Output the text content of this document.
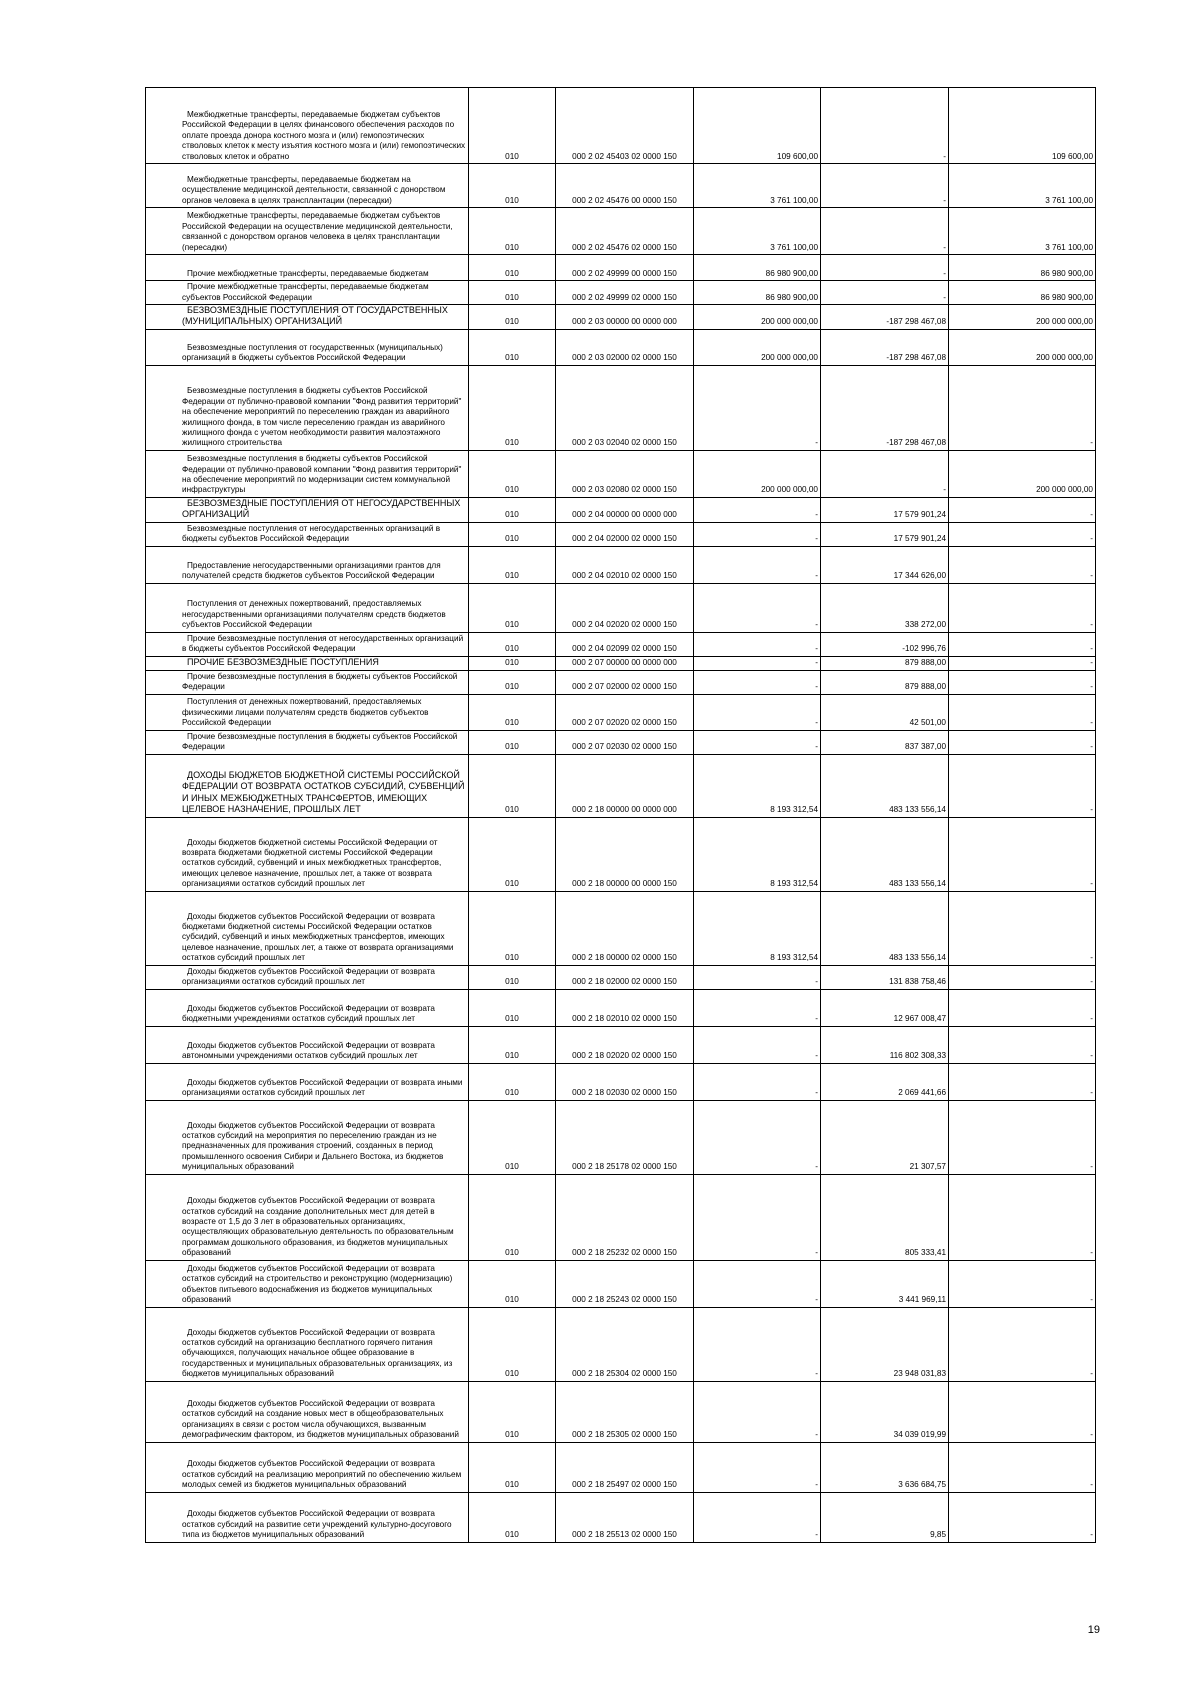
Межбюджетные трансферты, передаваемые бюджетам субъектов Российской Федерации в целях финансового обеспечения расходов по оплате проезда донора костного мозга и (или) гемопоэтических стволовых клеток к месту изъятия костного мозга и (или) гемопоэтических стволовых клеток и обратно	010	000 2 02 45403 02 0000 150	109 600,00	-	109 600,00

Межбюджетные трансферты, передаваемые бюджетам на осуществление медицинской деятельности, связанной с донорством органов человека в целях трансплантации (пересадки)	010	000 2 02 45476 00 0000 150	3 761 100,00	-	3 761 100,00

Межбюджетные трансферты, передаваемые бюджетам субъектов Российской Федерации на осуществление медицинской деятельности, связанной с донорством органов человека в целях трансплантации (пересадки)	010	000 2 02 45476 02 0000 150	3 761 100,00	-	3 761 100,00

Прочие межбюджетные трансферты, передаваемые бюджетам	010	000 2 02 49999 00 0000 150	86 980 900,00	-	86 980 900,00

Прочие межбюджетные трансферты, передаваемые бюджетам субъектов Российской Федерации	010	000 2 02 49999 02 0000 150	86 980 900,00	-	86 980 900,00

БЕЗВОЗМЕЗДНЫЕ ПОСТУПЛЕНИЯ ОТ ГОСУДАРСТВЕННЫХ (МУНИЦИПАЛЬНЫХ) ОРГАНИЗАЦИЙ	010	000 2 03 00000 00 0000 000	200 000 000,00	-187 298 467,08	200 000 000,00

Безвозмездные поступления от государственных (муниципальных) организаций в бюджеты субъектов Российской Федерации	010	000 2 03 02000 02 0000 150	200 000 000,00	-187 298 467,08	200 000 000,00

Безвозмездные поступления в бюджеты субъектов Российской Федерации от публично-правовой компании "Фонд развития территорий" на обеспечение мероприятий по переселению граждан из аварийного жилищного фонда, в том числе переселению граждан из аварийного жилищного фонда с учетом необходимости развития малоэтажного жилищного строительства	010	000 2 03 02040 02 0000 150	-	-187 298 467,08	-

Безвозмездные поступления в бюджеты субъектов Российской Федерации от публично-правовой компании "Фонд развития территорий" на обеспечение мероприятий по модернизации систем коммунальной инфраструктуры	010	000 2 03 02080 02 0000 150	200 000 000,00	-	200 000 000,00

БЕЗВОЗМЕЗДНЫЕ ПОСТУПЛЕНИЯ ОТ НЕГОСУДАРСТВЕННЫХ ОРГАНИЗАЦИЙ	010	000 2 04 00000 00 0000 000	-	17 579 901,24	-

Безвозмездные поступления от негосударственных организаций в бюджеты субъектов Российской Федерации	010	000 2 04 02000 02 0000 150	-	17 579 901,24	-

Предоставление негосударственными организациями грантов для получателей средств бюджетов субъектов Российской Федерации	010	000 2 04 02010 02 0000 150	-	17 344 626,00	-

Поступления от денежных пожертвований, предоставляемых негосударственными организациями получателям средств бюджетов субъектов Российской Федерации	010	000 2 04 02020 02 0000 150	-	338 272,00	-

Прочие безвозмездные поступления от негосударственных организаций в бюджеты субъектов Российской Федерации	010	000 2 04 02099 02 0000 150	-	-102 996,76	-

ПРОЧИЕ БЕЗВОЗМЕЗДНЫЕ ПОСТУПЛЕНИЯ	010	000 2 07 00000 00 0000 000	-	879 888,00	-

Прочие безвозмездные поступления в бюджеты субъектов Российской Федерации	010	000 2 07 02000 02 0000 150	-	879 888,00	-

Поступления от денежных пожертвований, предоставляемых физическими лицами получателям средств бюджетов субъектов Российской Федерации	010	000 2 07 02020 02 0000 150	-	42 501,00	-

Прочие безвозмездные поступления в бюджеты субъектов Российской Федерации	010	000 2 07 02030 02 0000 150	-	837 387,00	-

ДОХОДЫ БЮДЖЕТОВ БЮДЖЕТНОЙ СИСТЕМЫ РОССИЙСКОЙ ФЕДЕРАЦИИ ОТ ВОЗВРАТА ОСТАТКОВ СУБСИДИЙ, СУБВЕНЦИЙ И ИНЫХ МЕЖБЮДЖЕТНЫХ ТРАНСФЕРТОВ, ИМЕЮЩИХ ЦЕЛЕВОЕ НАЗНАЧЕНИЕ, ПРОШЛЫХ ЛЕТ	010	000 2 18 00000 00 0000 000	8 193 312,54	483 133 556,14	-

Доходы бюджетов бюджетной системы Российской Федерации от возврата бюджетами бюджетной системы Российской Федерации остатков субсидий, субвенций и иных межбюджетных трансфертов, имеющих целевое назначение, прошлых лет, а также от возврата организациями остатков субсидий прошлых лет	010	000 2 18 00000 00 0000 150	8 193 312,54	483 133 556,14	-

Доходы бюджетов субъектов Российской Федерации от возврата бюджетами бюджетной системы Российской Федерации остатков субсидий, субвенций и иных межбюджетных трансфертов, имеющих целевое назначение, прошлых лет, а также от возврата организациями остатков субсидий прошлых лет	010	000 2 18 00000 02 0000 150	8 193 312,54	483 133 556,14	-

Доходы бюджетов субъектов Российской Федерации от возврата организациями остатков субсидий прошлых лет	010	000 2 18 02000 02 0000 150	-	131 838 758,46	-

Доходы бюджетов субъектов Российской Федерации от возврата бюджетными учреждениями остатков субсидий прошлых лет	010	000 2 18 02010 02 0000 150	-	12 967 008,47	-

Доходы бюджетов субъектов Российской Федерации от возврата автономными учреждениями остатков субсидий прошлых лет	010	000 2 18 02020 02 0000 150	-	116 802 308,33	-

Доходы бюджетов субъектов Российской Федерации от возврата иными организациями остатков субсидий прошлых лет	010	000 2 18 02030 02 0000 150	-	2 069 441,66	-

Доходы бюджетов субъектов Российской Федерации от возврата остатков субсидий на мероприятия по переселению граждан из не предназначенных для проживания строений, созданных в период промышленного освоения Сибири и Дальнего Востока, из бюджетов муниципальных образований	010	000 2 18 25178 02 0000 150	-	21 307,57	-

Доходы бюджетов субъектов Российской Федерации от возврата остатков субсидий на создание дополнительных мест для детей в возрасте от 1,5 до 3 лет в образовательных организациях, осуществляющих образовательную деятельность по образовательным программам дошкольного образования, из бюджетов муниципальных образований	010	000 2 18 25232 02 0000 150	-	805 333,41	-

Доходы бюджетов субъектов Российской Федерации от возврата остатков субсидий на строительство и реконструкцию (модернизацию) объектов питьевого водоснабжения из бюджетов муниципальных образований	010	000 2 18 25243 02 0000 150	-	3 441 969,11	-

Доходы бюджетов субъектов Российской Федерации от возврата остатков субсидий на организацию бесплатного горячего питания обучающихся, получающих начальное общее образование в государственных и муниципальных образовательных организациях, из бюджетов муниципальных образований	010	000 2 18 25304 02 0000 150	-	23 948 031,83	-

Доходы бюджетов субъектов Российской Федерации от возврата остатков субсидий на создание новых мест в общеобразовательных организациях в связи с ростом числа обучающихся, вызванным демографическим фактором, из бюджетов муниципальных образований	010	000 2 18 25305 02 0000 150	-	34 039 019,99	-

Доходы бюджетов субъектов Российской Федерации от возврата остатков субсидий на реализацию мероприятий по обеспечению жильем молодых семей из бюджетов муниципальных образований	010	000 2 18 25497 02 0000 150	-	3 636 684,75	-

Доходы бюджетов субъектов Российской Федерации от возврата остатков субсидий на развитие сети учреждений культурно-досугового типа из бюджетов муниципальных образований	010	000 2 18 25513 02 0000 150	-	9,85	-
19
